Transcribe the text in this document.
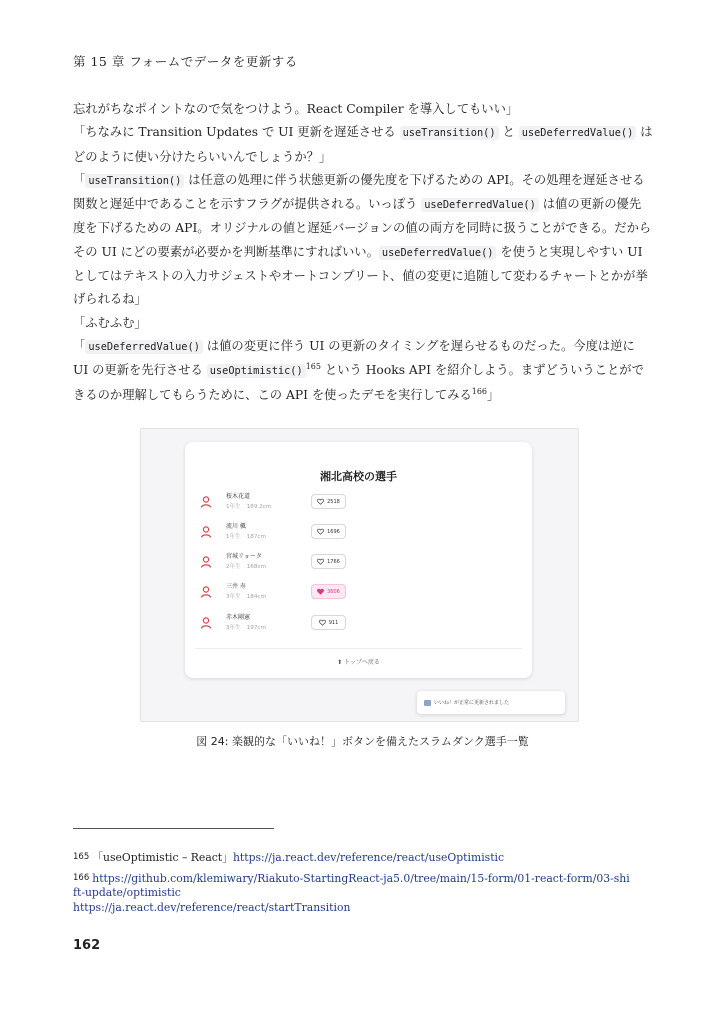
第 15 章 フォームでデータを更新する

忘れがちなポイントなので気をつけよう。React Compiler を導入してもいい」

「ちなみに Transition Updates で UI 更新を遅延させる useTransition() と useDeferredValue() はどのように使い分けたらいいんでしょうか？」

「 useTransition() は任意の処理に伴う状態更新の優先度を下げるための API。その処理を遅延させる関数と遅延中であることを示すフラグが提供される。いっぽう useDeferredValue() は値の更新の優先度を下げるための API。オリジナルの値と遅延バージョンの値の両方を同時に扱うことができる。だからその UI にどの要素が必要かを判断基準にすればいい。 useDeferredValue() を使うと実現しやすい UI としてはテキストの入力サジェストやオートコンプリート、値の変更に追随して変わるチャートとかが挙げられるね」

「ふむふむ」

「 useDeferredValue() は値の変更に伴う UI の更新のタイミングを遅らせるものだった。今度は逆に UI の更新を先行させる useOptimistic() $^{165}$ という Hooks API を紹介しよう。まずどういうことができるのか理解してもらうために、この API を使ったデモを実行してみる$^{166}$」

湘北高校の選手
桜木花道
1年生 189.2cm
2518
流川 楓
1年生 187cm
1696
宮城リョータ
2年生 168cm
1766
三井 寿
3年生 184cm
3606
赤木剛憲
3年生 197cm
911
⬆ トップへ戻る
いいね！が正常に更新されました
図 24: 楽観的な「いいね！」ボタンを備えたスラムダンク選手一覧

165 「useOptimistic – React」https://ja.react.dev/reference/react/useOptimistic

166 https://github.com/klemiwary/Riakuto-StartingReact-ja5.0/tree/main/15-form/01-react-form/03-shift-update/optimistic
https://ja.react.dev/reference/react/startTransition

162
